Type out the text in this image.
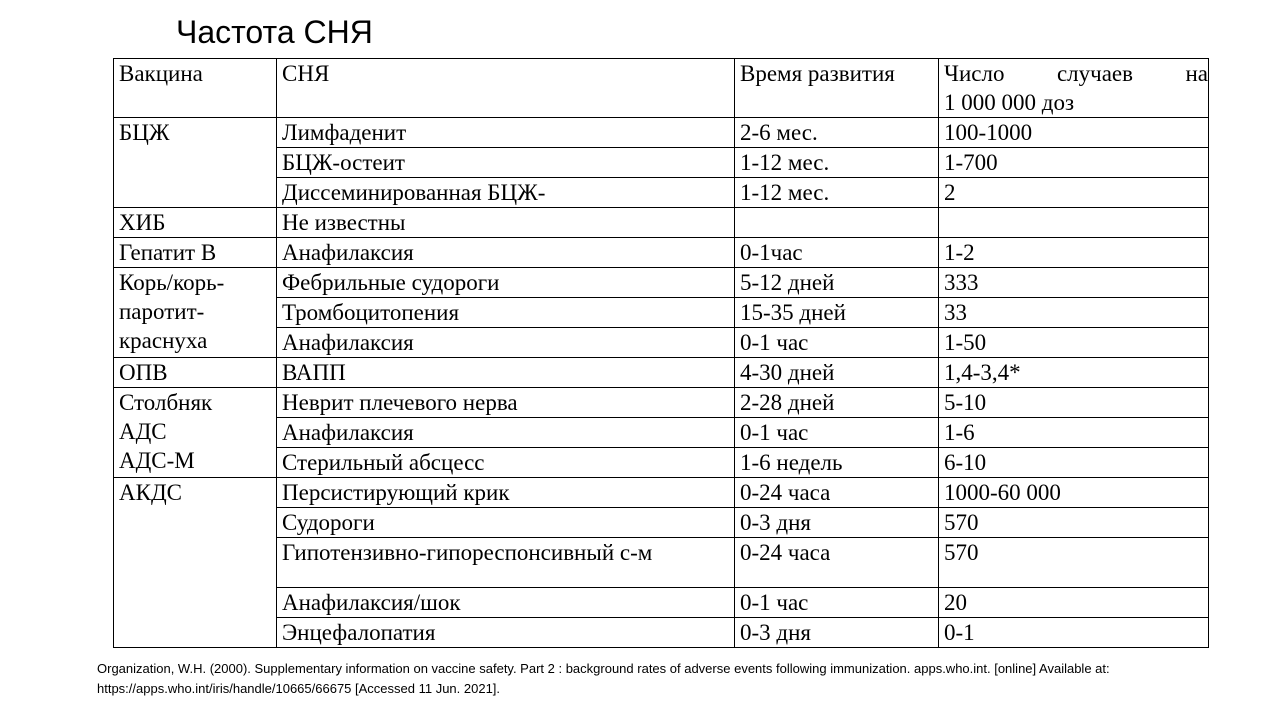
Частота СНЯ
Вакцина	СНЯ	Время развития	Число случаев на
1 000 000 доз

БЦЖ	Лимфаденит	2-6 мес.	100-1000
	БЦЖ-остеит	1-12 мес.	1-700
	Диссеминированная БЦЖ-	1-12 мес.	2

ХИБ	Не известны		

Гепатит В	Анафилаксия	0-1час	1-2

Корь/корь-
паротит-
краснуха	Фебрильные судороги	5-12 дней	333
	Тромбоцитопения	15-35 дней	33
	Анафилаксия	0-1 час	1-50

ОПВ	ВАПП	4-30 дней	1,4-3,4*

Столбняк
АДС
АДС-М	Неврит плечевого нерва	2-28 дней	5-10
	Анафилаксия	0-1 час	1-6
	Стерильный абсцесс	1-6 недель	6-10

АКДС	Персистирующий крик	0-24 часа	1000-60 000
	Судороги	0-3 дня	570
	Гипотензивно-гипореспонсивный с-м	0-24 часа	570
	Анафилаксия/шок	0-1 час	20
	Энцефалопатия	0-3 дня	0-1
Organization, W.H. (2000). Supplementary information on vaccine safety. Part 2 : background rates of adverse events following immunization. apps.who.int. [online] Available at: https://apps.who.int/iris/handle/10665/66675 [Accessed 11 Jun. 2021].
